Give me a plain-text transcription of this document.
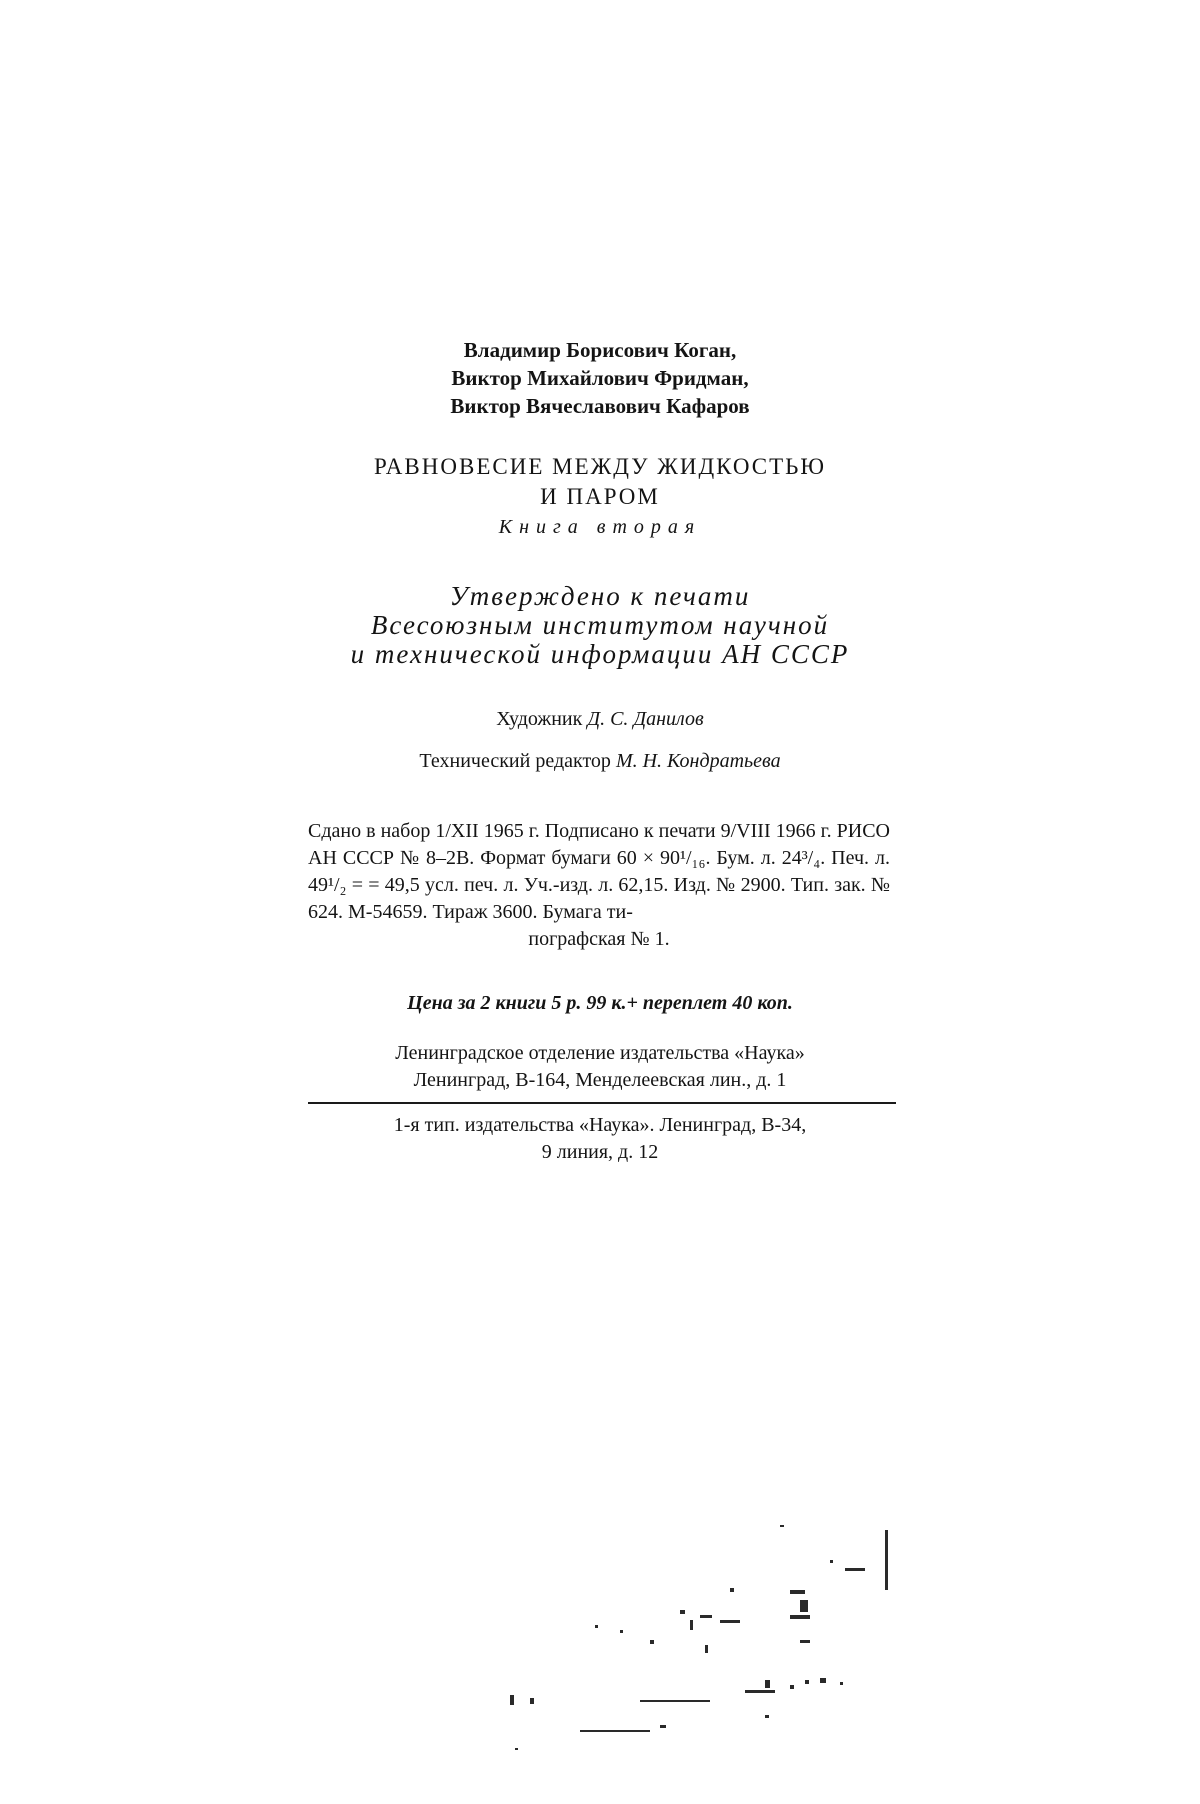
Владимир Борисович Коган,
Виктор Михайлович Фридман,
Виктор Вячеславович Кафаров
РАВНОВЕСИЕ МЕЖДУ ЖИДКОСТЬЮ
И ПАРОМ
Книга вторая
Утверждено к печати
Всесоюзным институтом научной
и технической информации АН СССР
Художник Д. С. Данилов
Технический редактор М. Н. Кондратьева
Сдано в набор 1/XII 1965 г. Подписано к печати 9/VIII 1966 г. РИСО АН СССР № 8–2В. Формат бумаги 60 × 90¹/₁₆. Бум. л. 24³/₄. Печ. л. 49¹/₂ = = 49,5 усл. печ. л. Уч.-изд. л. 62,15. Изд. № 2900. Тип. зак. № 624. М-54659. Тираж 3600. Бумага ти-
пографская № 1.
Цена за 2 книги 5 р. 99 к.+ переплет 40 коп.
Ленинградское отделение издательства «Наука»
Ленинград, В-164, Менделеевская лин., д. 1
1-я тип. издательства «Наука». Ленинград, В-34,
9 линия, д. 12
